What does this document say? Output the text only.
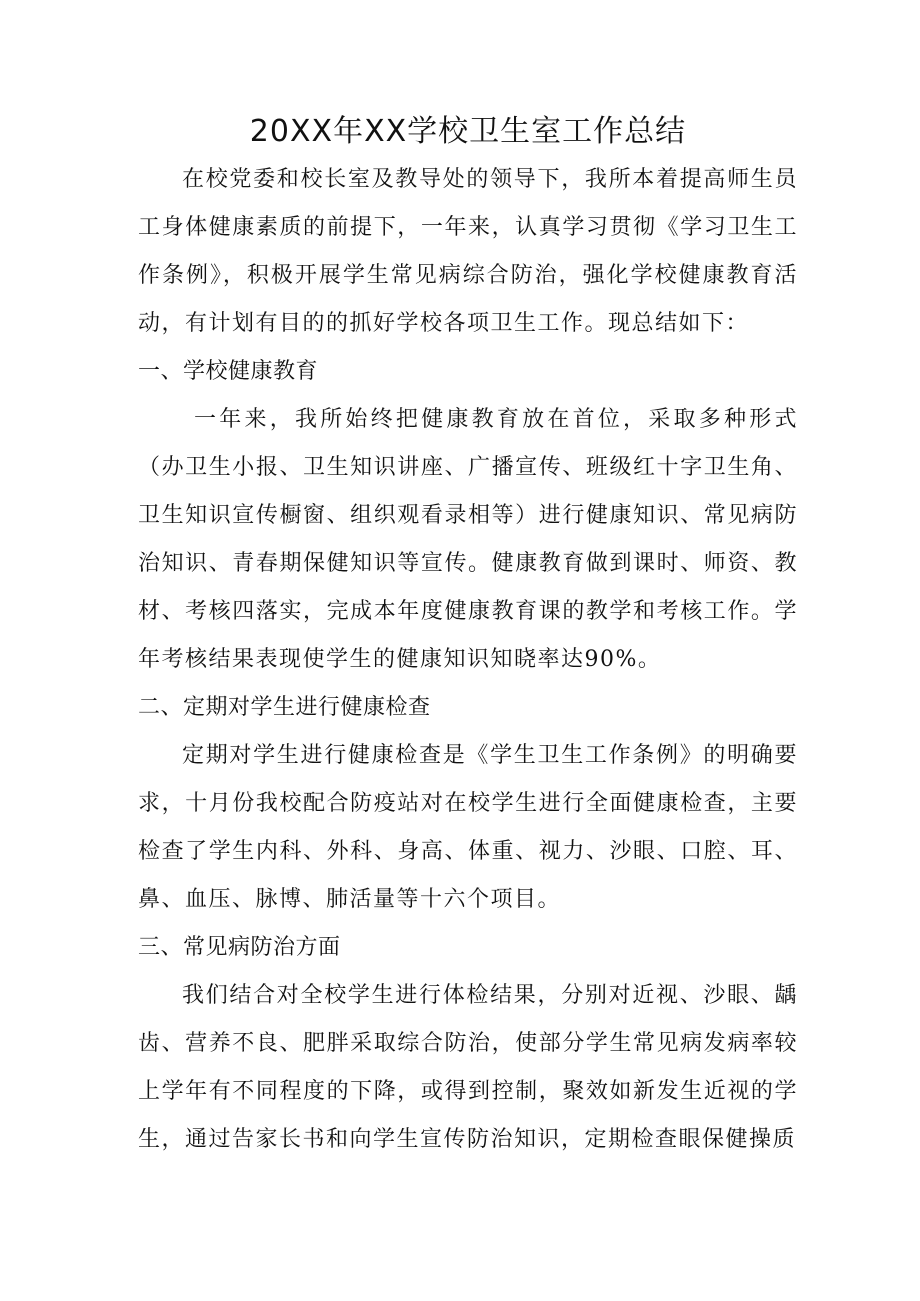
20XX年XX学校卫生室工作总结

在校党委和校长室及教导处的领导下，我所本着提高师生员工身体健康素质的前提下，一年来，认真学习贯彻《学习卫生工作条例》，积极开展学生常见病综合防治，强化学校健康教育活动，有计划有目的的抓好学校各项卫生工作。现总结如下：

一、学校健康教育

一年来，我所始终把健康教育放在首位，采取多种形式（办卫生小报、卫生知识讲座、广播宣传、班级红十字卫生角、卫生知识宣传橱窗、组织观看录相等）进行健康知识、常见病防治知识、青春期保健知识等宣传。健康教育做到课时、师资、教材、考核四落实，完成本年度健康教育课的教学和考核工作。学年考核结果表现使学生的健康知识知晓率达90%。

二、定期对学生进行健康检查

定期对学生进行健康检查是《学生卫生工作条例》的明确要求，十月份我校配合防疫站对在校学生进行全面健康检查，主要检查了学生内科、外科、身高、体重、视力、沙眼、口腔、耳、鼻、血压、脉博、肺活量等十六个项目。

三、常见病防治方面

我们结合对全校学生进行体检结果，分别对近视、沙眼、龋齿、营养不良、肥胖采取综合防治，使部分学生常见病发病率较上学年有不同程度的下降，或得到控制，聚效如新发生近视的学生，通过告家长书和向学生宣传防治知识，定期检查眼保健操质
